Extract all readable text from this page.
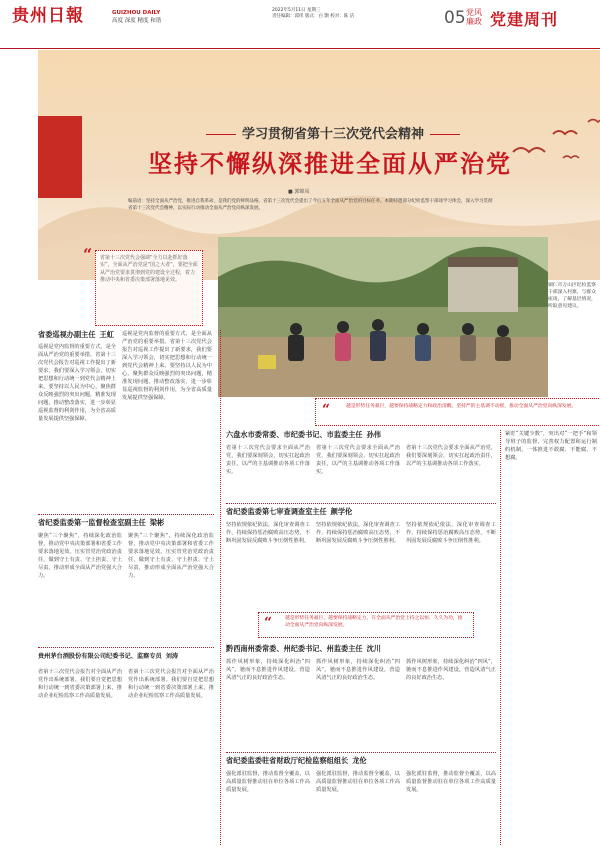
贵州日報	GUIZHOU DAILY
高度 深度 精度 和谐
2022年5月11日 星期三
责任编辑：邱彤 版式：白 颢 校对：陈 洁	05 党风廉政 党建周刊
学习贯彻省第十三次党代会精神
坚持不懈纵深推进全面从严治党
■ 郭锦凤
编前语：坚持全面从严治党，推进自我革命，是我们党的鲜明品格。省第十三次党代会提出了今后五年全面从严治党的目标任务。本期特邀部分纪检监察干部谈学习体会，深入学习贯彻省第十三次党代会精神，以实际行动推动全面从严治党向纵深发展。
“	省第十三次党代会强调“全力以赴抓好落实”，全面从严治党是“国之大者”，要把全面从严治党要求贯彻到党的建设全过程，着力推动中央和省委决策部署落地见效。
铜仁市万山区纪检监察干部深入村寨，与群众座谈，了解基层情况，听取意见建议。
“	越是形势任务艰巨，越要保持战略定力和政治清醒，坚持严的主基调不动摇，推动全面从严治党向纵深发展。
省委巡视办副主任 王虹
巡视是党内监督的重要方式，是全面从严治党的重要举措。省第十三次党代会报告对巡视工作提出了新要求，我们要深入学习领会，切实把思想和行动统一到党代会精神上来。要坚持以人民为中心，聚焦群众反映强烈的突出问题，精准发现问题，推动整改落实，进一步彰显巡视监督的利剑作用，为全省高质量发展提供坚强保障。
巡视是党内监督的重要方式，是全面从严治党的重要举措。省第十三次党代会报告对巡视工作提出了新要求，我们要深入学习领会，切实把思想和行动统一到党代会精神上来。要坚持以人民为中心，聚焦群众反映强烈的突出问题，精准发现问题，推动整改落实，进一步彰显巡视监督的利剑作用，为全省高质量发展提供坚强保障。
省纪委监委第一监督检查室副主任 梁彬
聚焦“三个聚焦”，持续深化政治监督，推动党中央决策部署和省委工作要求落地见效。压实管党治党政治责任，做到守土有责、守土担责、守土尽责，推动形成全面从严治党强大合力。
聚焦“三个聚焦”，持续深化政治监督，推动党中央决策部署和省委工作要求落地见效。压实管党治党政治责任，做到守土有责、守土担责、守土尽责，推动形成全面从严治党强大合力。
贵州茅台酒股份有限公司纪委书记、监察专员 刘涛
省第十三次党代会报告对全面从严治党作出系统部署。我们要自觉把思想和行动统一到省委决策部署上来，推动企业纪检监察工作高质量发展。
省第十三次党代会报告对全面从严治党作出系统部署。我们要自觉把思想和行动统一到省委决策部署上来，推动企业纪检监察工作高质量发展。
六盘水市委常委、市纪委书记、市监委主任 孙伟
省第十三次党代会要求全面从严治党，我们要深刻领会，切实扛起政治责任，以严的主基调推动各项工作落实。
省第十三次党代会要求全面从严治党，我们要深刻领会，切实扛起政治责任，以严的主基调推动各项工作落实。
省第十三次党代会要求全面从严治党，我们要深刻领会，切实扛起政治责任，以严的主基调推动各项工作落实。
省纪委监委第七审查调查室主任 颜学伦
坚持依规依纪依法，深化审查调查工作，持续保持惩治腐败高压态势，不断巩固发展反腐败斗争压倒性胜利。
坚持依规依纪依法，深化审查调查工作，持续保持惩治腐败高压态势，不断巩固发展反腐败斗争压倒性胜利。
坚持依规依纪依法，深化审查调查工作，持续保持惩治腐败高压态势，不断巩固发展反腐败斗争压倒性胜利。
“	越是形势任务艰巨，越要保持战略定力，在全面从严治党上持之以恒、久久为功，推动全面从严治党向纵深发展。
黔西南州委常委、州纪委书记、州监委主任 沈川
抓作风树形象，持续深化纠治“四风”，驰而不息推进作风建设，营造风清气正的良好政治生态。
抓作风树形象，持续深化纠治“四风”，驰而不息推进作风建设，营造风清气正的良好政治生态。
抓作风树形象，持续深化纠治“四风”，驰而不息推进作风建设，营造风清气正的良好政治生态。
省纪委监委驻省财政厅纪检监察组组长 龙伦
强化派驻监督，推动监督全覆盖，以高质量监督推动驻在单位各项工作高质量发展。
强化派驻监督，推动监督全覆盖，以高质量监督推动驻在单位各项工作高质量发展。
强化派驻监督，推动监督全覆盖，以高质量监督推动驻在单位各项工作高质量发展。
紧盯“关键少数”，突出对“一把手”和领导班子的监督，完善权力配置和运行制约机制，一体推进不敢腐、不能腐、不想腐。
